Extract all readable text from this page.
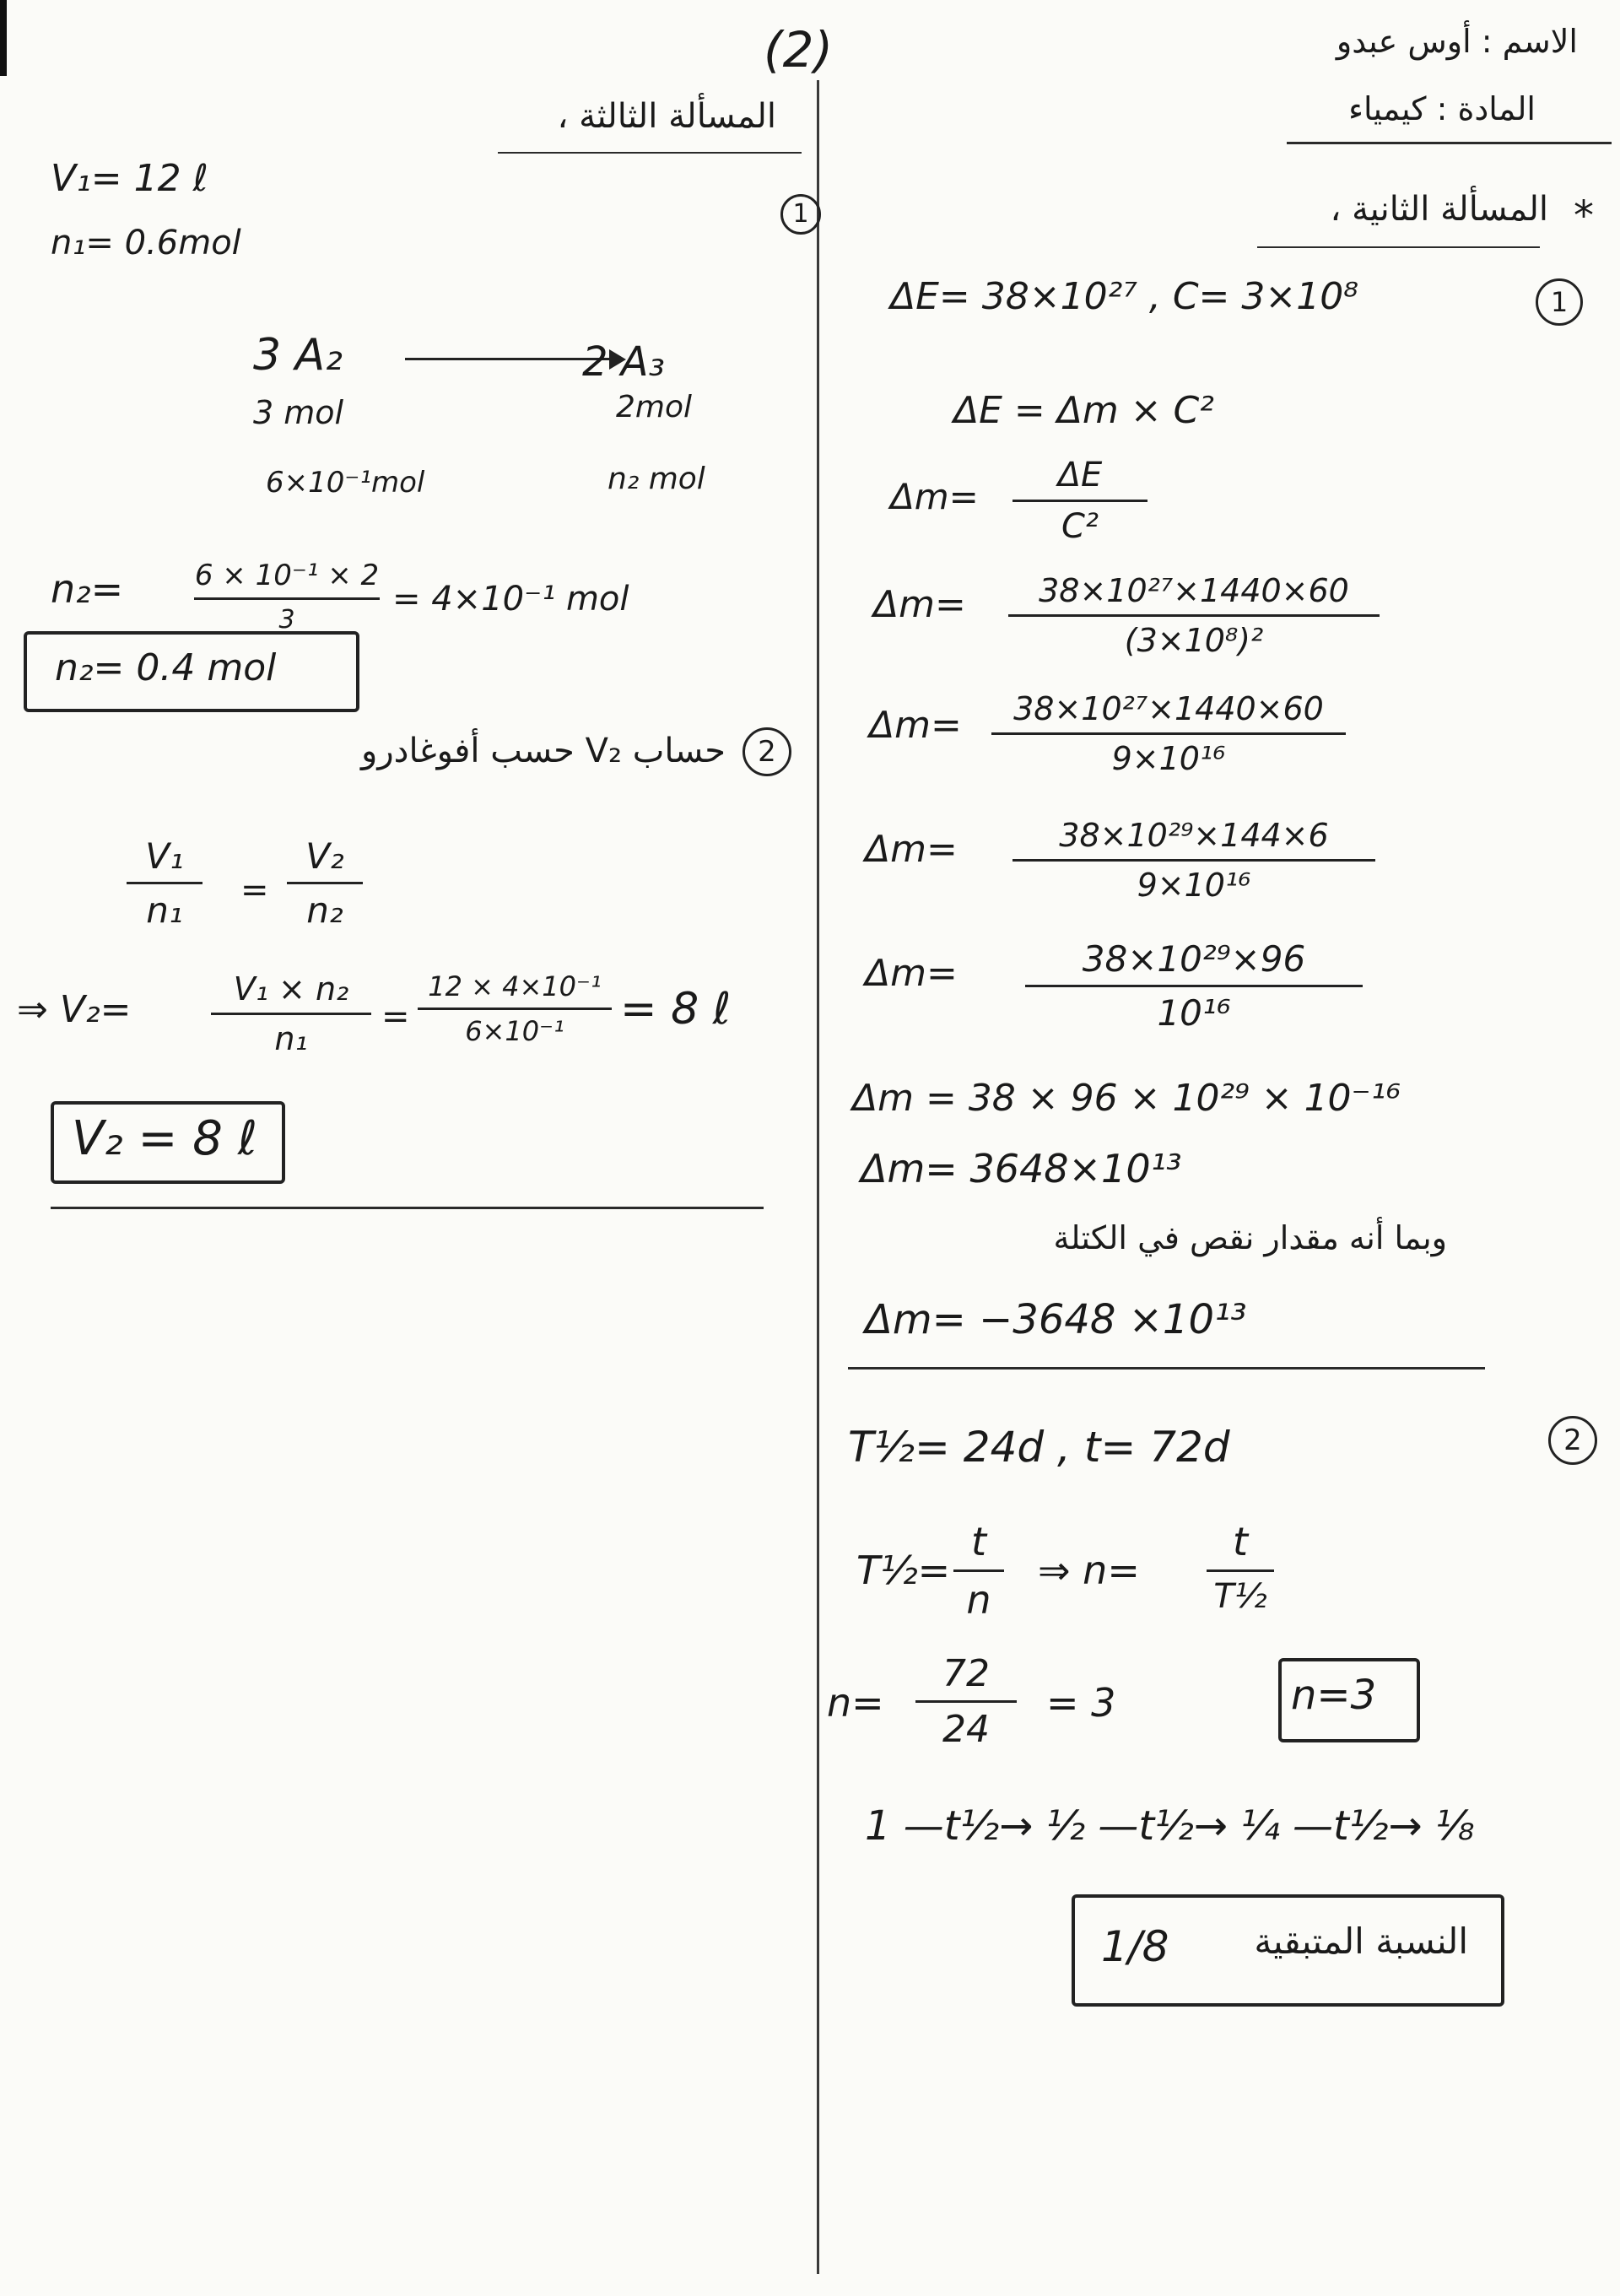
(2)	الاسم : أوس عبدو
المادة : كيمياء
المسألة الثالثة ،
1
V₁= 12 ℓ
n₁= 0.6mol
3 A₂	2 A₃
3 mol	2mol
6×10⁻¹mol	n₂ mol
n₂= 6 × 10⁻¹ × 2
3
= 4×10⁻¹ mol
n₂= 0.4 mol
2
حساب V₂ حسب أفوغادرو
V₁
n₁	=
V₂
n₂
⇒ V₂=	V₁ × n₂
n₁
=
12 × 4×10⁻¹
6×10⁻¹	= 8 ℓ
V₂ = 8 ℓ
*
المسألة الثانية ،
1
ΔE= 38×10²⁷ , C= 3×10⁸
ΔE = Δm × C²
Δm=
ΔE
C²
Δm=	38×10²⁷×1440×60
(3×10⁸)²
Δm=	38×10²⁷×1440×60
9×10¹⁶
Δm=	38×10²⁹×144×6
9×10¹⁶
Δm=	38×10²⁹×96
10¹⁶
Δm = 38 × 96 × 10²⁹ × 10⁻¹⁶
Δm= 3648×10¹³
وبما أنه مقدار نقص في الكتلة
Δm= −3648 ×10¹³
2
T½= 24d , t= 72d
T½=
t
n
⇒ n=
t
T½
n=
72
24
= 3	n=3
1 —t½→ ½ —t½→ ¼ —t½→ ⅛
1/8 النسبة المتبقية
